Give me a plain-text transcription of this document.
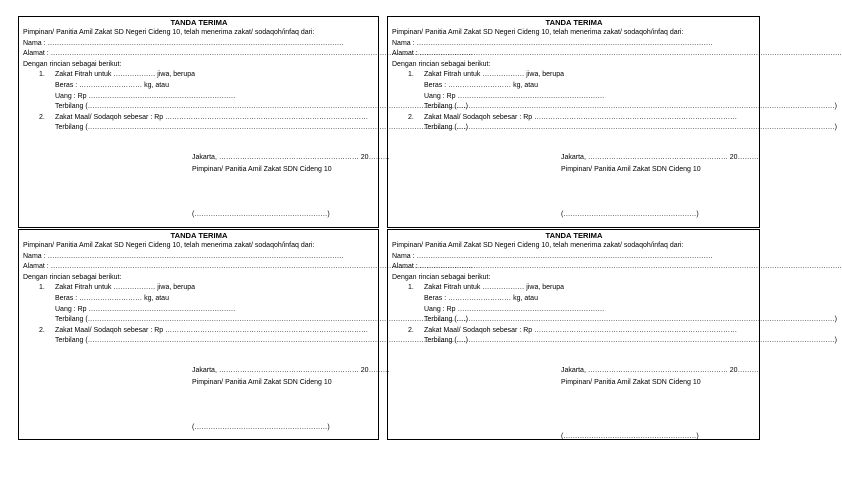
TANDA TERIMA
Pimpinan/ Panitia Amil Zakat SD Negeri Cideng 10, telah menerima zakat/ sodaqoh/infaq dari:
Nama : ……………………………………………………………………………………………………………….
Alamat : ……………………………………………………………………………………………………………………………………………………………….
Dengan rincian sebagai berikut:
1. Zakat Fitrah untuk ……………… jiwa, berupa
Beras : ……………………… kg, atau
Uang : Rp ………………………………………………………
Terbilang (………………………………………………………………………………………………………………………………………………)
2. Zakat Maal/ Sodaqoh sebesar : Rp ……………………………………………………………………………
Terbilang (………………………………………………………………………………………………………………………………………………)
Jakarta, …………………………………………………… 20………
Pimpinan/ Panitia Amil Zakat SDN Cideng 10
(…………………………………………………)
TANDA TERIMA
Pimpinan/ Panitia Amil Zakat SD Negeri Cideng 10, telah menerima zakat/ sodaqoh/infaq dari:
Nama : ……………………………………………………………………………………………………………….
Alamat : ……………………………………………………………………………………………………………………………………………………………….
Dengan rincian sebagai berikut:
1. Zakat Fitrah untuk ……………… jiwa, berupa
Beras : ……………………… kg, atau
Uang : Rp ………………………………………………………
Terbilang (………………………………………………………………………………………………………………………………………………)
2. Zakat Maal/ Sodaqoh sebesar : Rp ……………………………………………………………………………
Terbilang (………………………………………………………………………………………………………………………………………………)
Jakarta, …………………………………………………… 20………
Pimpinan/ Panitia Amil Zakat SDN Cideng 10
(…………………………………………………)
TANDA TERIMA
Pimpinan/ Panitia Amil Zakat SD Negeri Cideng 10, telah menerima zakat/ sodaqoh/infaq dari:
Nama : ……………………………………………………………………………………………………………….
Alamat : ……………………………………………………………………………………………………………………………………………………………….
Dengan rincian sebagai berikut:
1. Zakat Fitrah untuk ……………… jiwa, berupa
Beras : ……………………… kg, atau
Uang : Rp ………………………………………………………
Terbilang (………………………………………………………………………………………………………………………………………………)
2. Zakat Maal/ Sodaqoh sebesar : Rp ……………………………………………………………………………
Terbilang (………………………………………………………………………………………………………………………………………………)
Jakarta, …………………………………………………… 20………
Pimpinan/ Panitia Amil Zakat SDN Cideng 10
(…………………………………………………)
TANDA TERIMA
Pimpinan/ Panitia Amil Zakat SD Negeri Cideng 10, telah menerima zakat/ sodaqoh/infaq dari:
Nama : ……………………………………………………………………………………………………………….
Alamat : ……………………………………………………………………………………………………………………………………………………………….
Dengan rincian sebagai berikut:
1. Zakat Fitrah untuk ……………… jiwa, berupa
Beras : ……………………… kg, atau
Uang : Rp ………………………………………………………
Terbilang (………………………………………………………………………………………………………………………………………………)
2. Zakat Maal/ Sodaqoh sebesar : Rp ……………………………………………………………………………
Terbilang (………………………………………………………………………………………………………………………………………………)
Jakarta, …………………………………………………… 20………
Pimpinan/ Panitia Amil Zakat SDN Cideng 10
(…………………………………………………)
